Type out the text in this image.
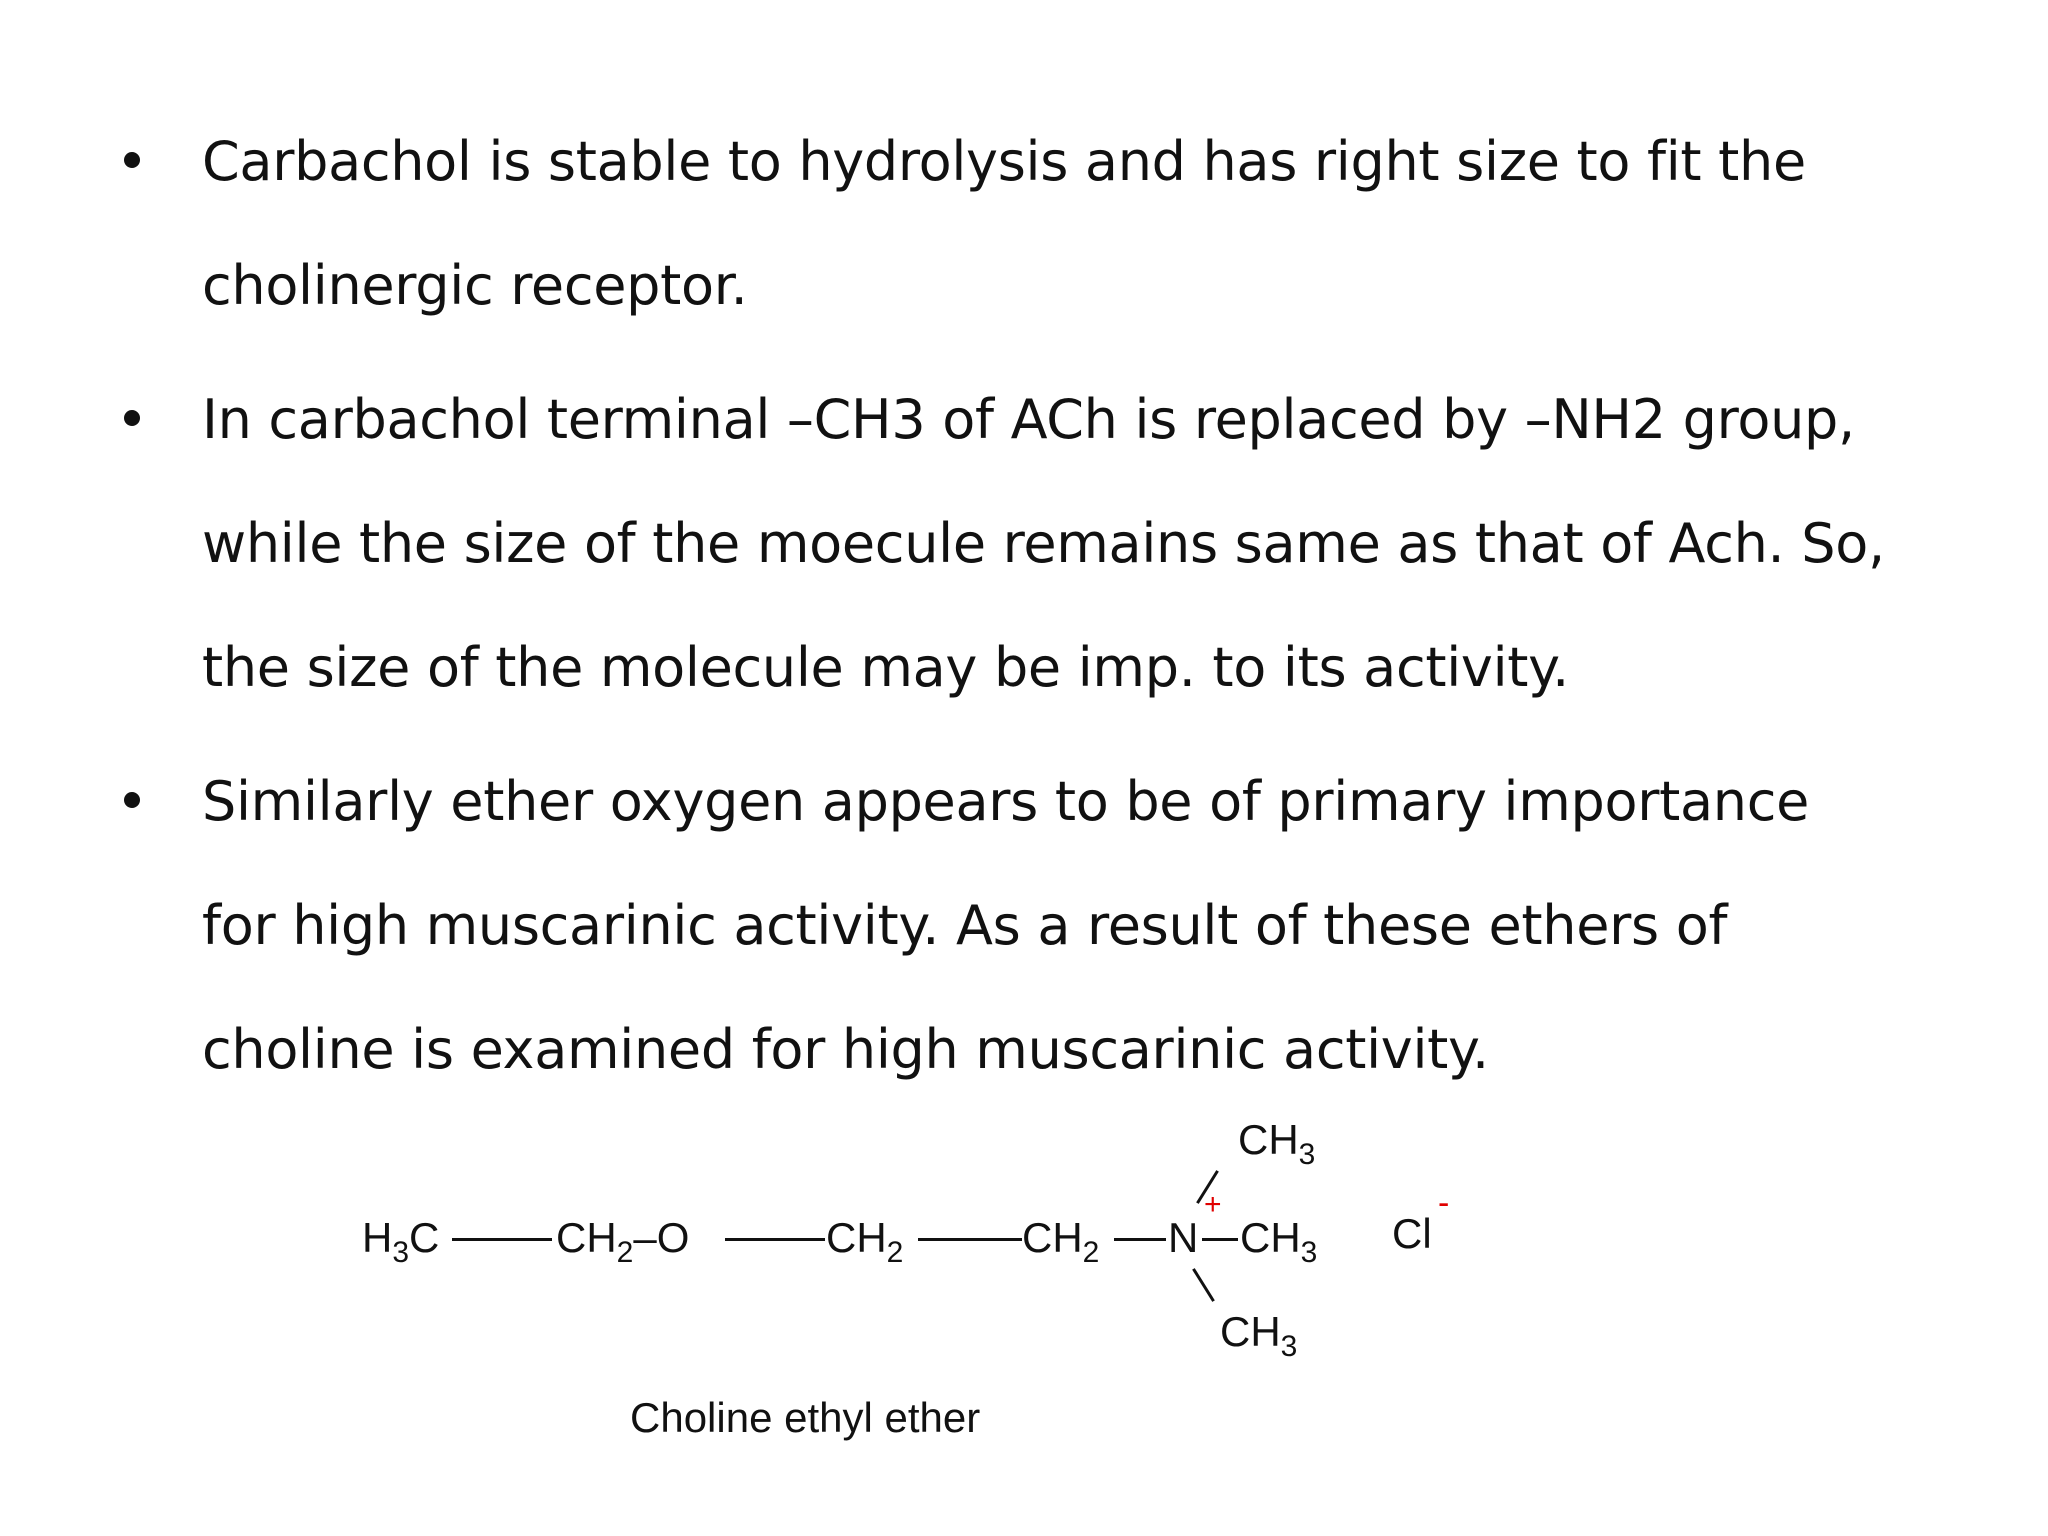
Carbachol is stable to hydrolysis and has right size to fit the
cholinergic receptor.
In carbachol terminal –CH3 of ACh is replaced by –NH2 group,
while the size of the moecule remains same as that of Ach. So,
the size of the molecule may be imp. to its activity.
Similarly ether oxygen appears to be of primary importance
for high muscarinic activity. As a result of these ethers of
choline is examined for high muscarinic activity.
$H_3C$	$CH_2-O$	$CH_2$	$CH_2$ N
+
$CH_3$ Cl
-
$CH_3$
$CH_3$
Choline ethyl ether
